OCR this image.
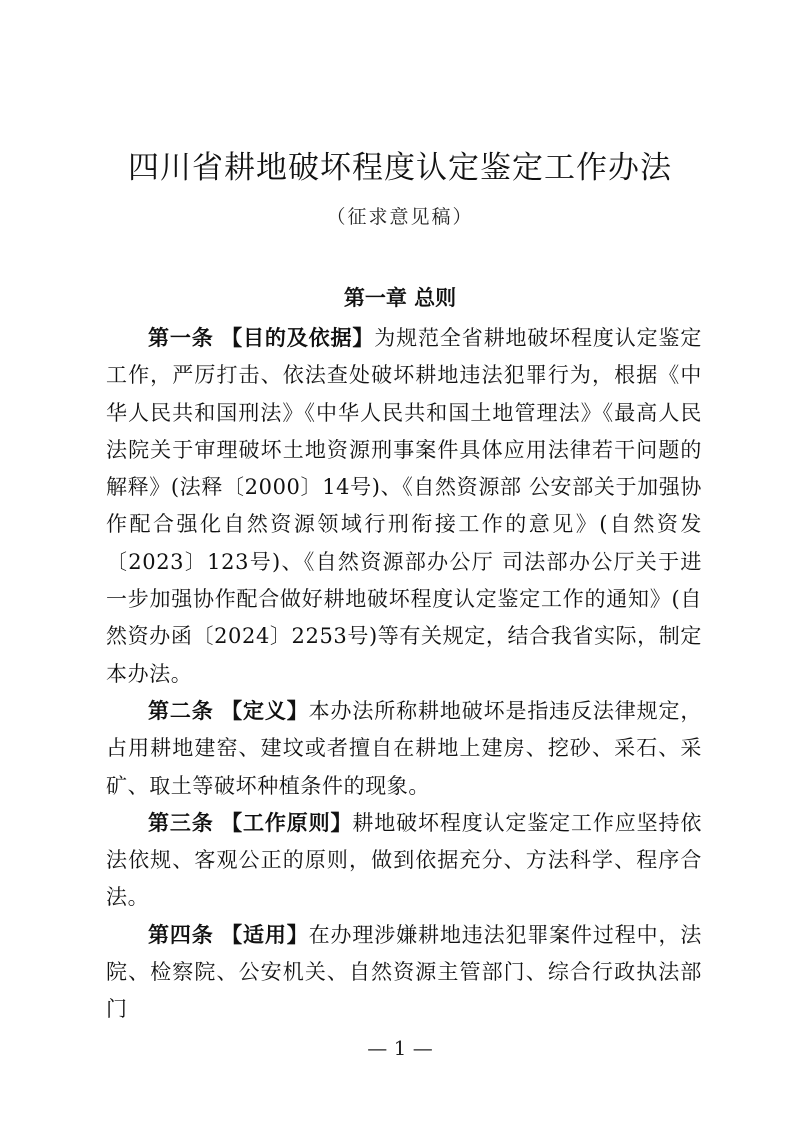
四川省耕地破坏程度认定鉴定工作办法
（征求意见稿）
第一章 总则

第一条 【目的及依据】为规范全省耕地破坏程度认定鉴定工作，严厉打击、依法查处破坏耕地违法犯罪行为，根据《中华人民共和国刑法》《中华人民共和国土地管理法》《最高人民法院关于审理破坏土地资源刑事案件具体应用法律若干问题的解释》(法释〔2000〕14号)、《自然资源部 公安部关于加强协作配合强化自然资源领域行刑衔接工作的意见》(自然资发〔2023〕123号)、《自然资源部办公厅 司法部办公厅关于进一步加强协作配合做好耕地破坏程度认定鉴定工作的通知》(自然资办函〔2024〕2253号)等有关规定，结合我省实际，制定本办法。

第二条 【定义】本办法所称耕地破坏是指违反法律规定，占用耕地建窑、建坟或者擅自在耕地上建房、挖砂、采石、采矿、取土等破坏种植条件的现象。

第三条 【工作原则】耕地破坏程度认定鉴定工作应坚持依法依规、客观公正的原则，做到依据充分、方法科学、程序合法。

第四条 【适用】在办理涉嫌耕地违法犯罪案件过程中，法院、检察院、公安机关、自然资源主管部门、综合行政执法部门

— 1 —
